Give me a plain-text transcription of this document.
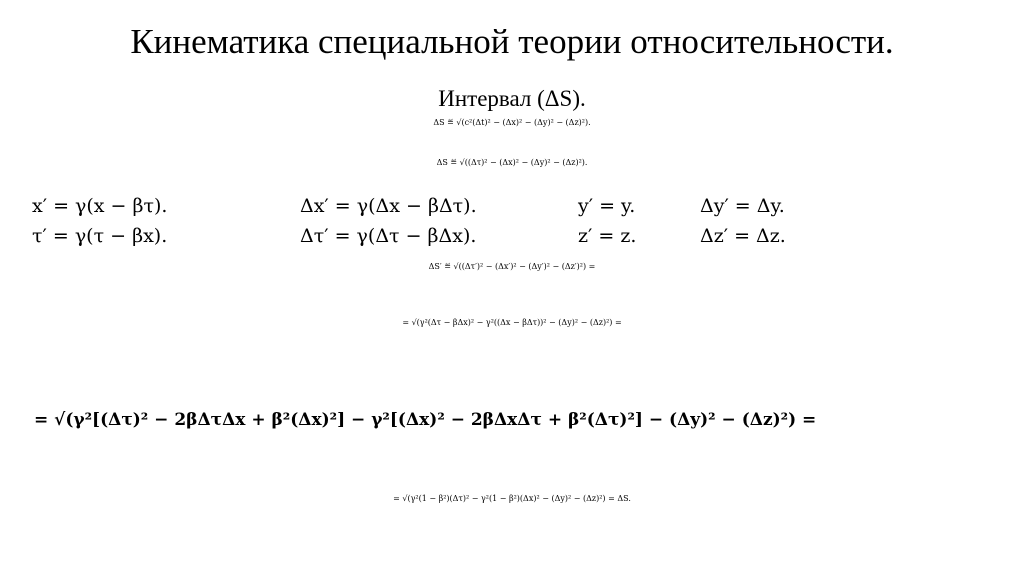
Кинематика специальной теории относительности.
Интервал (ΔS).
ΔS ≝ √(c²(Δt)² − (Δx)² − (Δy)² − (Δz)²).
ΔS ≝ √((Δτ)² − (Δx)² − (Δy)² − (Δz)²).
x′ = γ(x − βτ).	Δx′ = γ(Δx − βΔτ).	y′ = y.	Δy′ = Δy.
τ′ = γ(τ − βx).	Δτ′ = γ(Δτ − βΔx).	z′ = z.	Δz′ = Δz.
ΔS′ ≝ √((Δτ′)² − (Δx′)² − (Δy′)² − (Δz′)²) =
= √(γ²(Δτ − βΔx)² − γ²((Δx − βΔτ))² − (Δy)² − (Δz)²) =
= √(γ²[(Δτ)² − 2βΔτΔx + β²(Δx)²] − γ²[(Δx)² − 2βΔxΔτ + β²(Δτ)²] − (Δy)² − (Δz)²) =
= √(γ²(1 − β²)(Δτ)² − γ²(1 − β²)(Δx)² − (Δy)² − (Δz)²) = ΔS.
